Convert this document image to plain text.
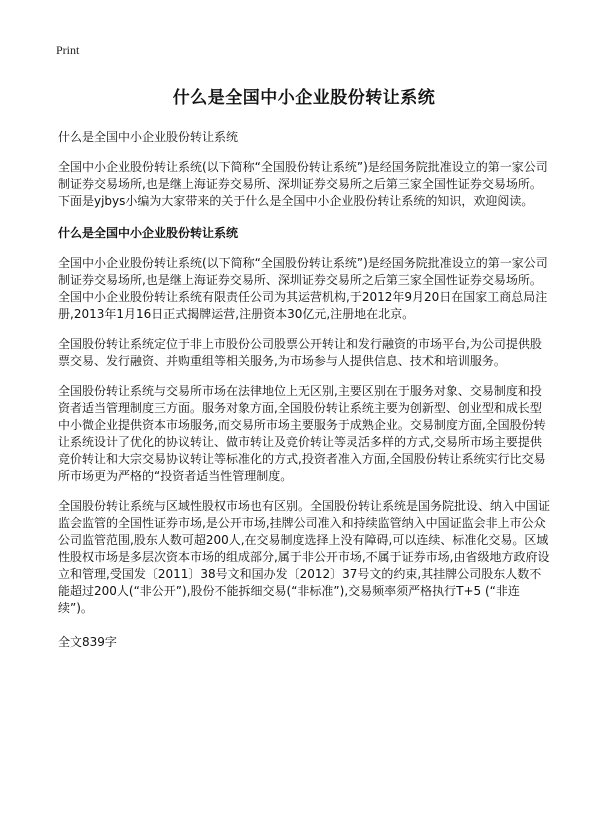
Print
什么是全国中小企业股份转让系统
什么是全国中小企业股份转让系统

全国中小企业股份转让系统(以下简称“全国股份转让系统”)是经国务院批准设立的第一家公司制证券交易场所,也是继上海证券交易所、深圳证券交易所之后第三家全国性证券交易场所。下面是yjbys小编为大家带来的关于什么是全国中小企业股份转让系统的知识，欢迎阅读。

什么是全国中小企业股份转让系统

全国中小企业股份转让系统(以下简称“全国股份转让系统”)是经国务院批准设立的第一家公司制证券交易场所,也是继上海证券交易所、深圳证券交易所之后第三家全国性证券交易场所。全国中小企业股份转让系统有限责任公司为其运营机构,于2012年9月20日在国家工商总局注册,2013年1月16日正式揭牌运营,注册资本30亿元,注册地在北京。

全国股份转让系统定位于非上市股份公司股票公开转让和发行融资的市场平台,为公司提供股票交易、发行融资、并购重组等相关服务,为市场参与人提供信息、技术和培训服务。

全国股份转让系统与交易所市场在法律地位上无区别,主要区别在于服务对象、交易制度和投资者适当管理制度三方面。服务对象方面,全国股份转让系统主要为创新型、创业型和成长型中小微企业提供资本市场服务,而交易所市场主要服务于成熟企业。交易制度方面,全国股份转让系统设计了优化的协议转让、做市转让及竞价转让等灵活多样的方式,交易所市场主要提供竞价转让和大宗交易协议转让等标准化的方式,投资者准入方面,全国股份转让系统实行比交易所市场更为严格的“投资者适当性管理制度。

全国股份转让系统与区域性股权市场也有区别。全国股份转让系统是国务院批设、纳入中国证监会监管的全国性证券市场,是公开市场,挂牌公司准入和持续监管纳入中国证监会非上市公众公司监管范围,股东人数可超200人,在交易制度选择上没有障碍,可以连续、标准化交易。区域性股权市场是多层次资本市场的组成部分,属于非公开市场,不属于证券市场,由省级地方政府设立和管理,受国发〔2011〕38号文和国办发〔2012〕37号文的约束,其挂牌公司股东人数不能超过200人(“非公开”),股份不能拆细交易(“非标准”),交易频率须严格执行T+5 (“非连续”)。

全文839字
